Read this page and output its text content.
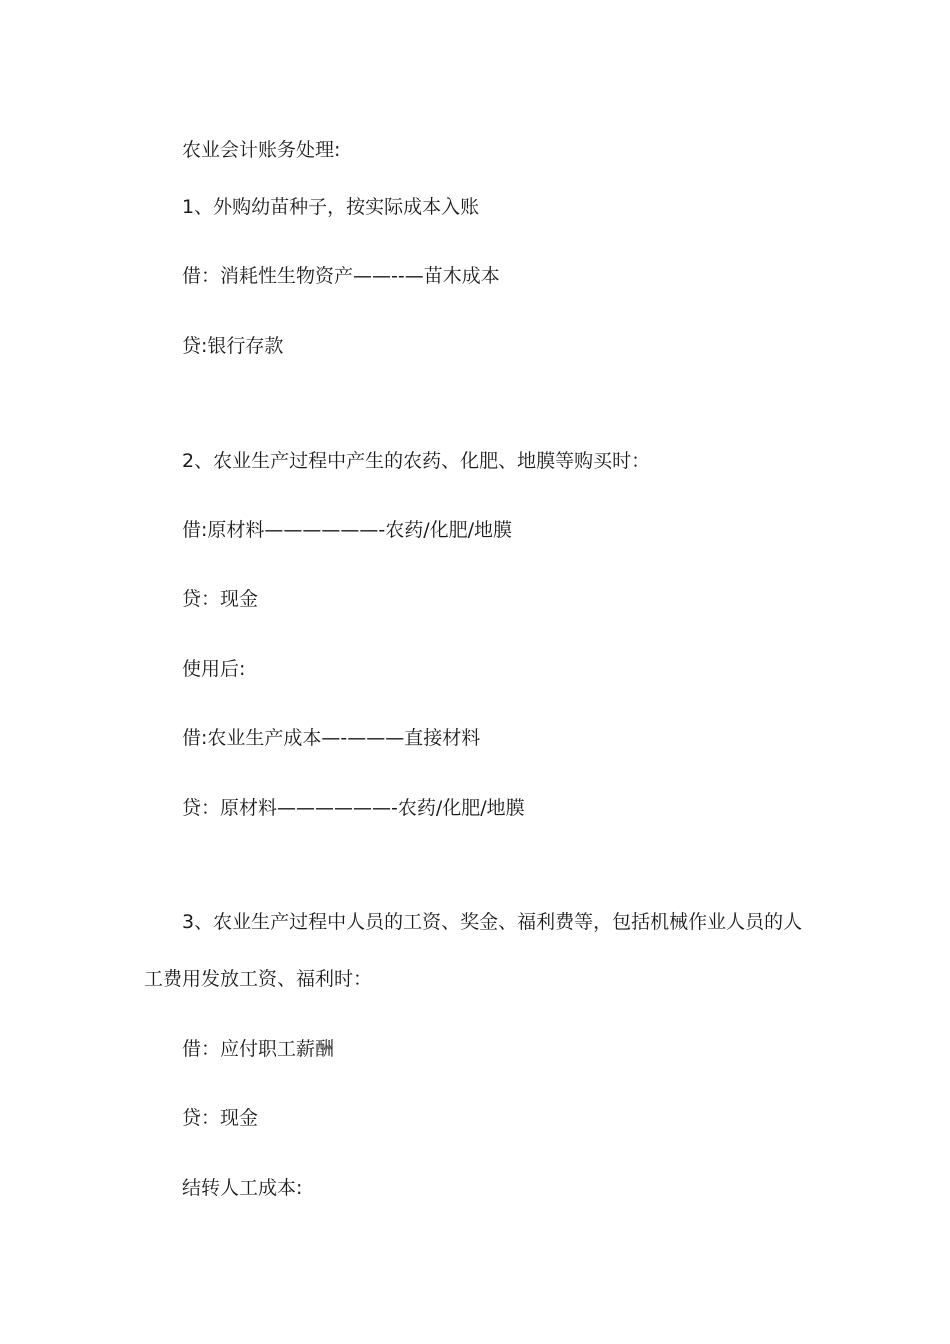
农业会计账务处理:
1、外购幼苗种子，按实际成本入账
借：消耗性生物资产——--—苗木成本
贷:银行存款
2、农业生产过程中产生的农药、化肥、地膜等购买时：
借:原材料——————-农药/化肥/地膜
贷：现金
使用后:
借:农业生产成本—-———直接材料
贷：原材料——————-农药/化肥/地膜
3、农业生产过程中人员的工资、奖金、福利费等，包括机械作业人员的人
工费用发放工资、福利时：
借：应付职工薪酬
贷：现金
结转人工成本:
